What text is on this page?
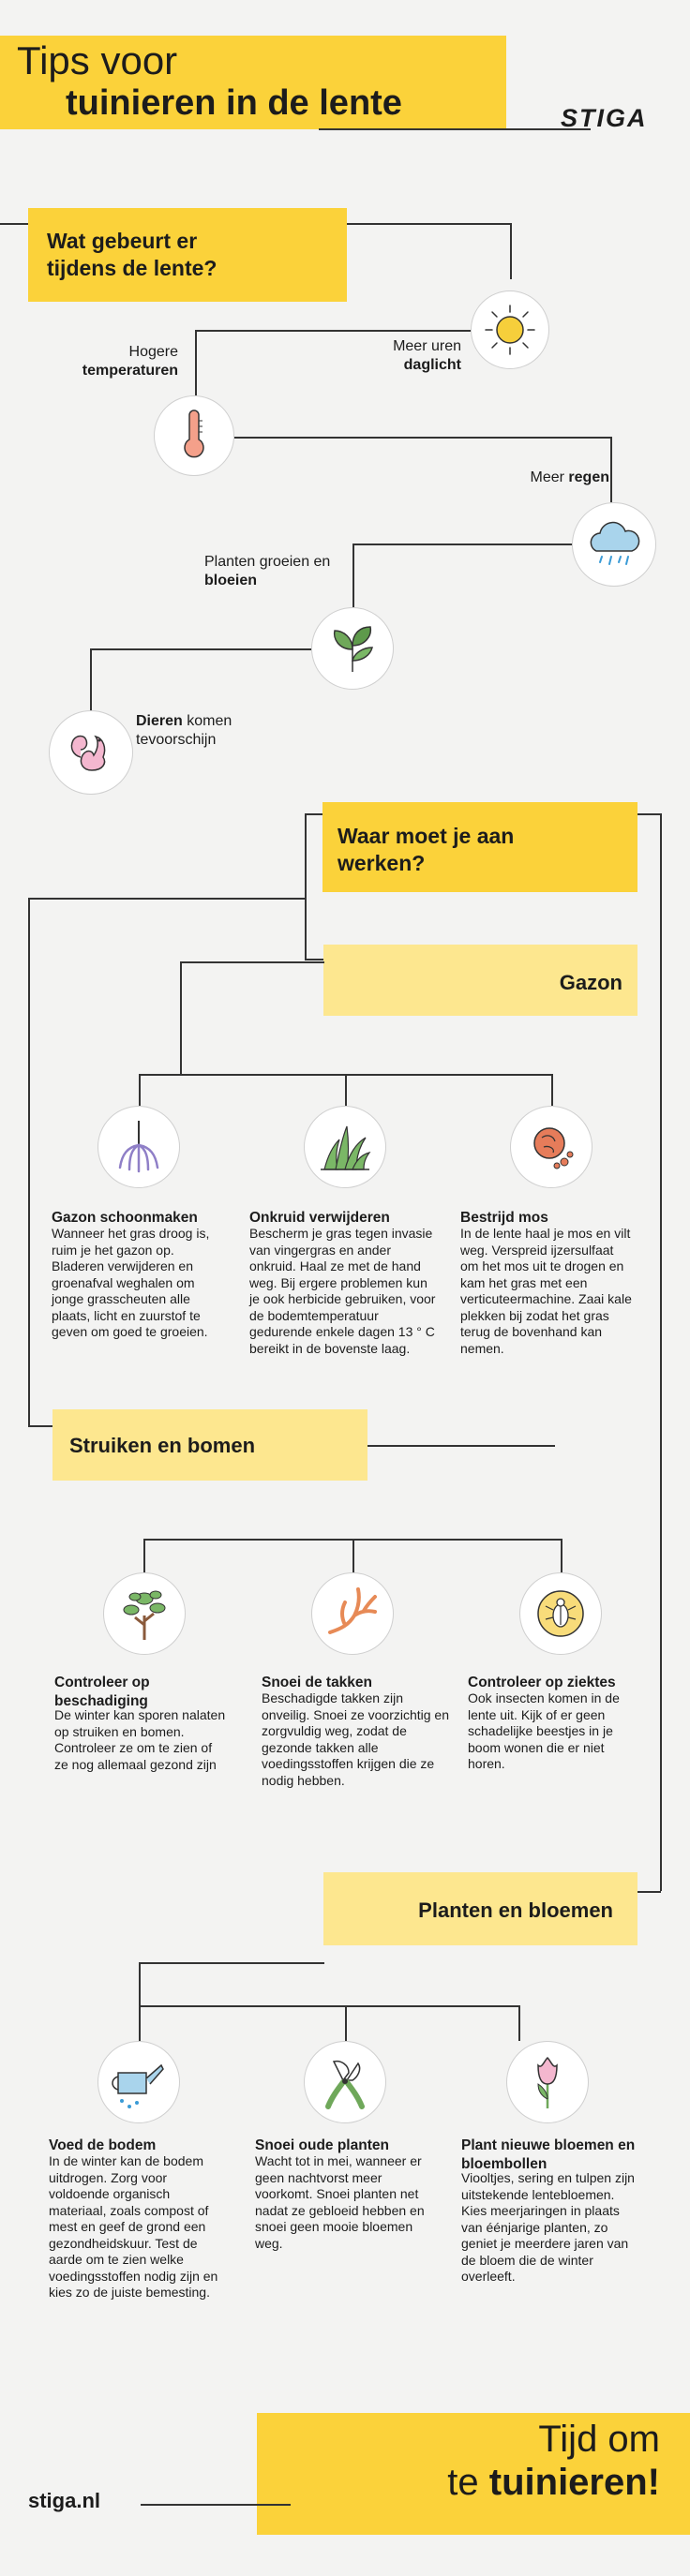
Tips voor
tuinieren in de lente	STIGA
Wat gebeurt er tijdens de lente?
Meer uren
daglicht
Hogere
temperaturen
Meer regen
Planten groeien en bloeien
Dieren komen tevoorschijn
Waar moet je aan werken?
Gazon
Gazon schoonmaken
Wanneer het gras droog is, ruim je het gazon op. Bladeren verwijderen en groenafval weghalen om jonge grasscheuten alle plaats, licht en zuurstof te geven om goed te groeien.
Onkruid verwijderen
Bescherm je gras tegen invasie van vingergras en ander onkruid. Haal ze met de hand weg. Bij ergere problemen kun je ook herbicide gebruiken, voor de bodemtemperatuur gedurende enkele dagen 13 ° C bereikt in de bovenste laag.
Bestrijd mos
In de lente haal je mos en vilt weg. Verspreid ijzersulfaat om het mos uit te drogen en kam het gras met een verticuteermachine. Zaai kale plekken bij zodat het gras terug de bovenhand kan nemen.
Struiken en bomen
Controleer op beschadiging
De winter kan sporen nalaten op struiken en bomen. Controleer ze om te zien of ze nog allemaal gezond zijn
Snoei de takken
Beschadigde takken zijn onveilig. Snoei ze voorzichtig en zorgvuldig weg, zodat de gezonde takken alle voedingsstoffen krijgen die ze nodig hebben.
Controleer op ziektes
Ook insecten komen in de lente uit. Kijk of er geen schadelijke beestjes in je boom wonen die er niet horen.
Planten en bloemen
Voed de bodem
In de winter kan de bodem uitdrogen. Zorg voor voldoende organisch materiaal, zoals compost of mest en geef de grond een gezondheidskuur. Test de aarde om te zien welke voedingsstoffen nodig zijn en kies zo de juiste bemesting.
Snoei oude planten
Wacht tot in mei, wanneer er geen nachtvorst meer voorkomt. Snoei planten net nadat ze gebloeid hebben en snoei geen mooie bloemen weg.
Plant nieuwe bloemen en bloembollen
Viooltjes, sering en tulpen zijn uitstekende lentebloemen. Kies meerjaringen in plaats van éénjarige planten, zo geniet je meerdere jaren van de bloem die de winter overleeft.
Tijd om
te tuinieren!
stiga.nl
